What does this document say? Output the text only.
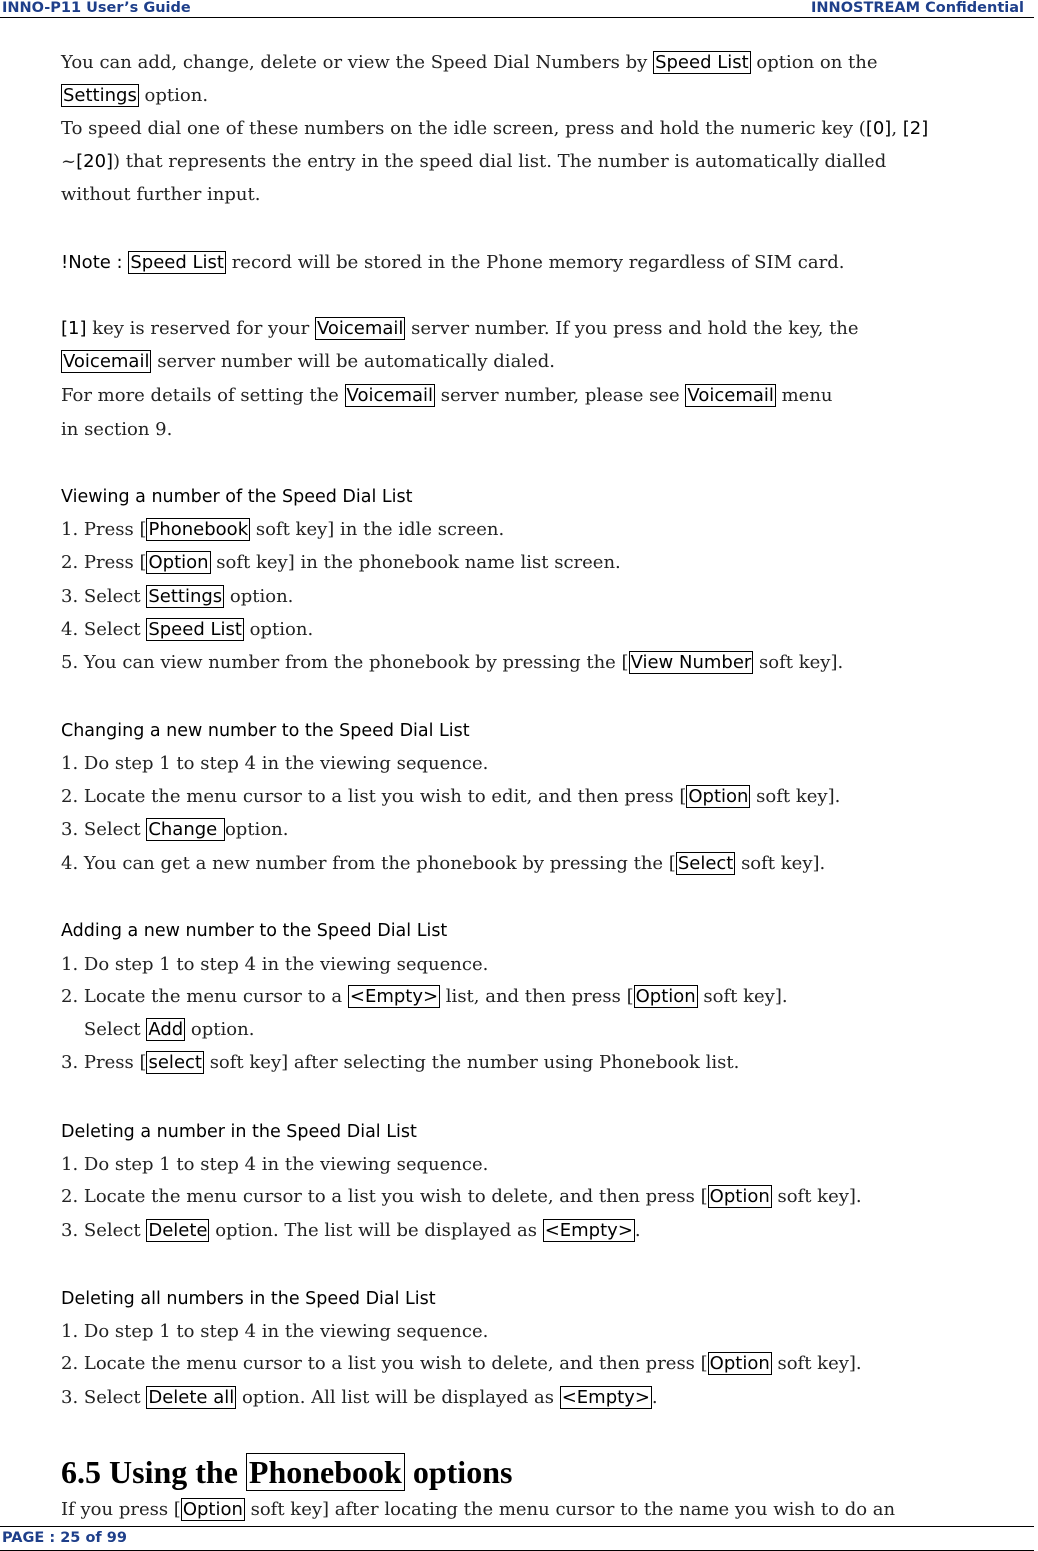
INNO-P11 User’s Guide	INNOSTREAM Confidential
You can add, change, delete or view the Speed Dial Numbers by Speed List option on the
Settings option.
To speed dial one of these numbers on the idle screen, press and hold the numeric key ([0], [2]
~[20]) that represents the entry in the speed dial list. The number is automatically dialled
without further input.
!Note : Speed List record will be stored in the Phone memory regardless of SIM card.
[1] key is reserved for your Voicemail server number. If you press and hold the key, the
Voicemail server number will be automatically dialed.
For more details of setting the Voicemail server number, please see Voicemail menu
in section 9.
Viewing a number of the Speed Dial List
1. Press [ Phonebook soft key] in the idle screen.
2. Press [ Option soft key] in the phonebook name list screen.
3. Select Settings option.
4. Select Speed List option.
5. You can view number from the phonebook by pressing the [ View Number soft key].
Changing a new number to the Speed Dial List
1. Do step 1 to step 4 in the viewing sequence.
2. Locate the menu cursor to a list you wish to edit, and then press [ Option soft key].
3. Select Change option.
4. You can get a new number from the phonebook by pressing the [ Select soft key].
Adding a new number to the Speed Dial List
1. Do step 1 to step 4 in the viewing sequence.
2. Locate the menu cursor to a <Empty> list, and then press [ Option soft key].
Select Add option.
3. Press [ select soft key] after selecting the number using Phonebook list.
Deleting a number in the Speed Dial List
1. Do step 1 to step 4 in the viewing sequence.
2. Locate the menu cursor to a list you wish to delete, and then press [ Option soft key].
3. Select Delete option. The list will be displayed as <Empty> .
Deleting all numbers in the Speed Dial List
1. Do step 1 to step 4 in the viewing sequence.
2. Locate the menu cursor to a list you wish to delete, and then press [ Option soft key].
3. Select Delete all option. All list will be displayed as <Empty> .
6.5 Using the Phonebook options
If you press [ Option soft key] after locating the menu cursor to the name you wish to do an
PAGE : 25 of 99
